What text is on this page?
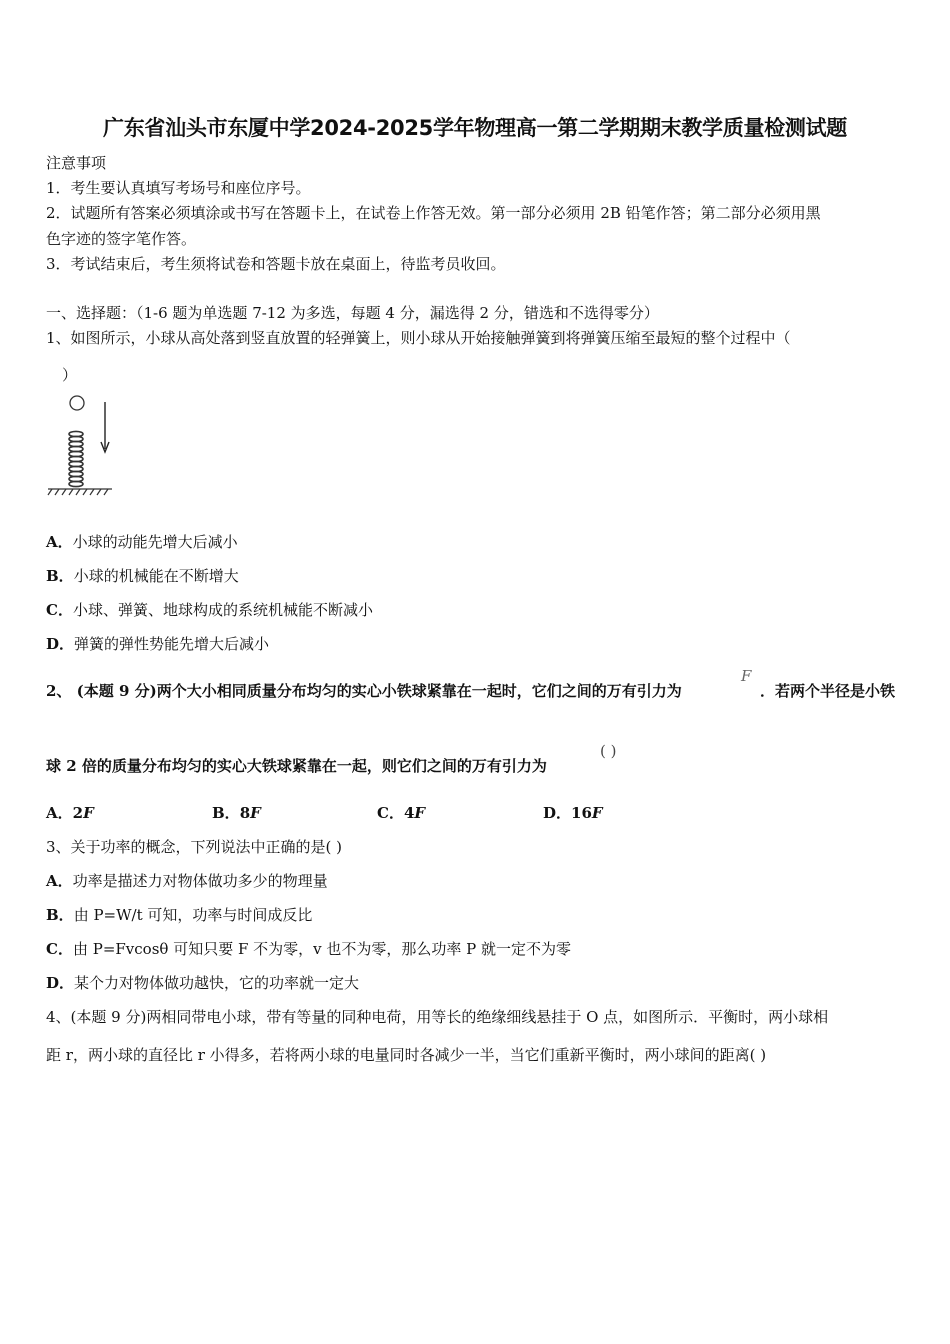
广东省汕头市东厦中学2024-2025学年物理高一第二学期期末教学质量检测试题
注意事项
1．考生要认真填写考场号和座位序号。
2．试题所有答案必须填涂或书写在答题卡上，在试卷上作答无效。第一部分必须用 2B 铅笔作答；第二部分必须用黑
色字迹的签字笔作答。
3．考试结束后，考生须将试卷和答题卡放在桌面上，待监考员收回。
一、选择题：（1-6 题为单选题 7-12 为多选，每题 4 分，漏选得 2 分，错选和不选得零分）
1、如图所示，小球从高处落到竖直放置的轻弹簧上，则小球从开始接触弹簧到将弹簧压缩至最短的整个过程中（
）
A．小球的动能先增大后减小
B．小球的机械能在不断增大
C．小球、弹簧、地球构成的系统机械能不断减小
D．弹簧的弹性势能先增大后减小
2、 (本题 9 分)两个大小相同质量分布均匀的实心小铁球紧靠在一起时，它们之间的万有引力为
F
．若两个半径是小铁
球 2 倍的质量分布均匀的实心大铁球紧靠在一起，则它们之间的万有引力为
( )
A．2F	B．8F	C．4F	D．16F
3、关于功率的概念，下列说法中正确的是( )
A．功率是描述力对物体做功多少的物理量
B．由 P=W/t 可知，功率与时间成反比
C．由 P=Fvcosθ 可知只要 F 不为零，v 也不为零，那么功率 P 就一定不为零
D．某个力对物体做功越快，它的功率就一定大
4、(本题 9 分)两相同带电小球，带有等量的同种电荷，用等长的绝缘细线悬挂于 O 点，如图所示．平衡时，两小球相
距 r，两小球的直径比 r 小得多，若将两小球的电量同时各减少一半，当它们重新平衡时，两小球间的距离( )
